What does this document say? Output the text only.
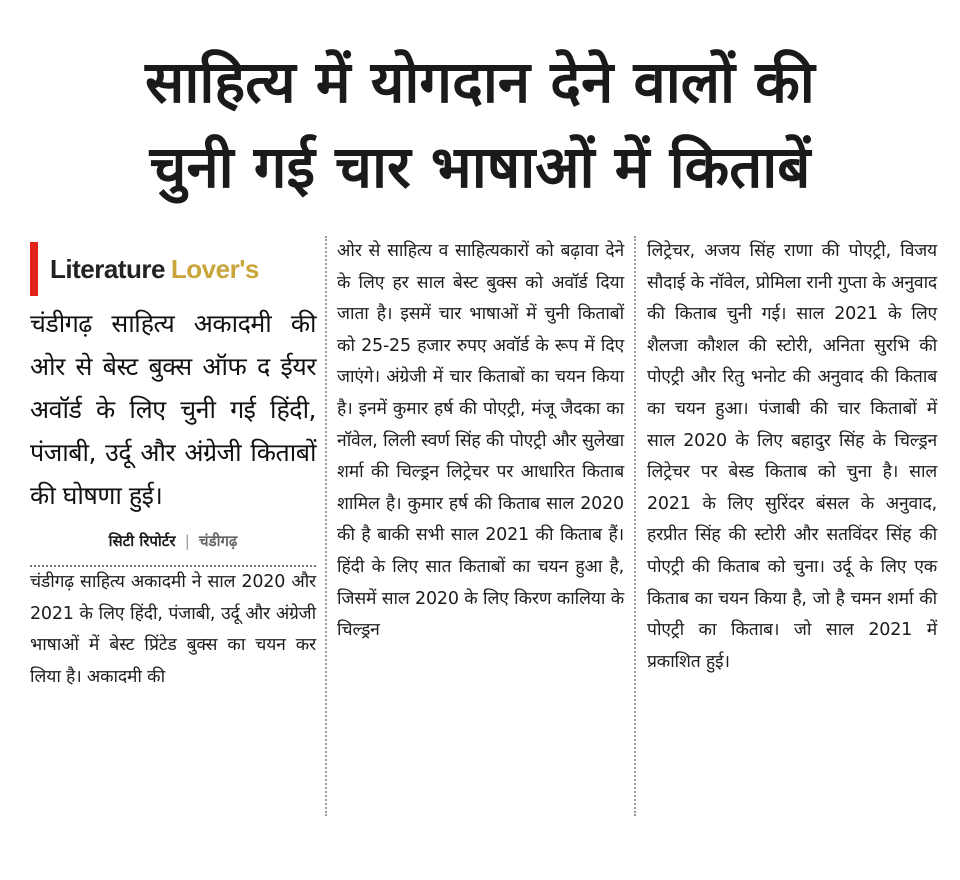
साहित्य में योगदान देने वालों की
चुनी गई चार भाषाओं में किताबें
Literature Lover's
चंडीगढ़ साहित्य अकादमी की ओर से बेस्ट बुक्स ऑफ द ईयर अवॉर्ड के लिए चुनी गई हिंदी, पंजाबी, उर्दू और अंग्रेजी किताबों की घोषणा हुई।
सिटी रिपोर्टर | चंडीगढ़

चंडीगढ़ साहित्य अकादमी ने साल 2020 और 2021 के लिए हिंदी, पंजाबी, उर्दू और अंग्रेजी भाषाओं में बेस्ट प्रिंटेड बुक्स का चयन कर लिया है। अकादमी की

ओर से साहित्य व साहित्यकारों को बढ़ावा देने के लिए हर साल बेस्ट बुक्स को अवॉर्ड दिया जाता है। इसमें चार भाषाओं में चुनी किताबों को 25-25 हजार रुपए अवॉर्ड के रूप में दिए जाएंगे। अंग्रेजी में चार किताबों का चयन किया है। इनमें कुमार हर्ष की पोएट्री, मंजू जैदका का नॉवेल, लिली स्वर्ण सिंह की पोएट्री और सुलेखा शर्मा की चिल्ड्रन लिट्रेचर पर आधारित किताब शामिल है। कुमार हर्ष की किताब साल 2020 की है बाकी सभी साल 2021 की किताब हैं। हिंदी के लिए सात किताबों का चयन हुआ है, जिसमें साल 2020 के लिए किरण कालिया के चिल्ड्रन

लिट्रेचर, अजय सिंह राणा की पोएट्री, विजय सौदाई के नॉवेल, प्रोमिला रानी गुप्ता के अनुवाद की किताब चुनी गई। साल 2021 के लिए शैलजा कौशल की स्टोरी, अनिता सुरभि की पोएट्री और रितु भनोट की अनुवाद की किताब का चयन हुआ। पंजाबी की चार किताबों में साल 2020 के लिए बहादुर सिंह के चिल्ड्रन लिट्रेचर पर बेस्ड किताब को चुना है। साल 2021 के लिए सुरिंदर बंसल के अनुवाद, हरप्रीत सिंह की स्टोरी और सतविंदर सिंह की पोएट्री की किताब को चुना। उर्दू के लिए एक किताब का चयन किया है, जो है चमन शर्मा की पोएट्री का किताब। जो साल 2021 में प्रकाशित हुई।
